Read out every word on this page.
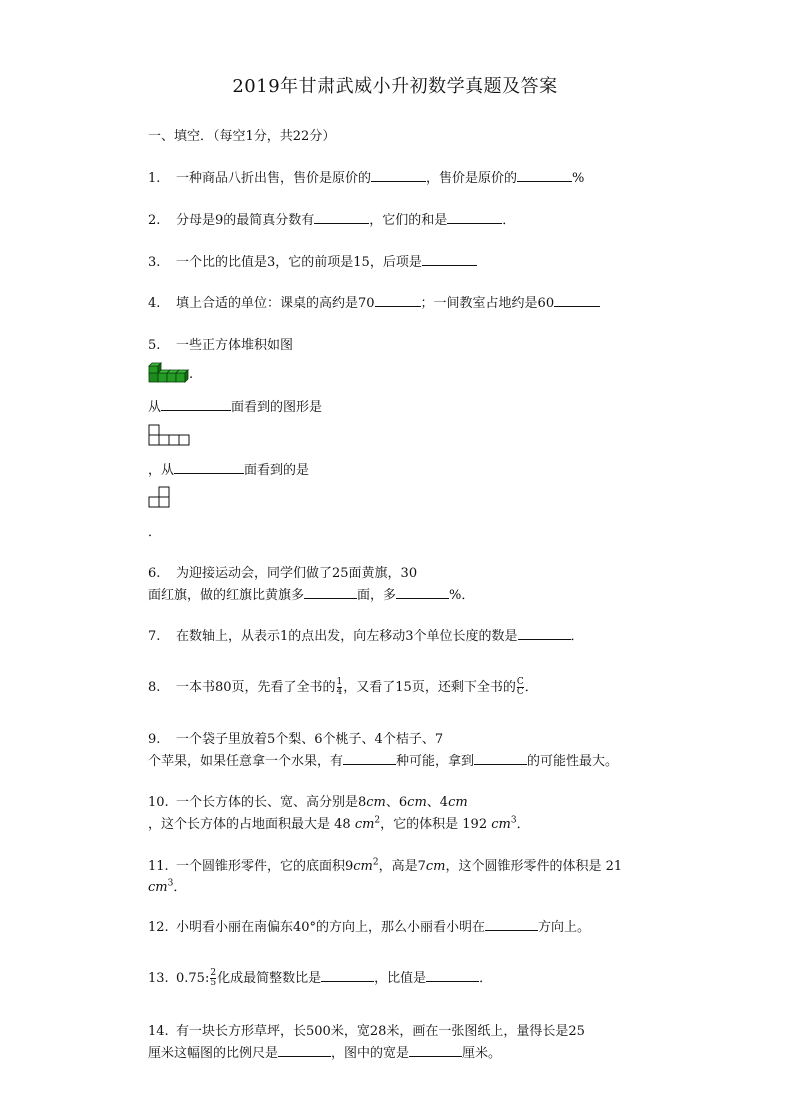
2019年甘肃武威小升初数学真题及答案
一、填空．（每空1分，共22分）
1. 一种商品八折出售，售价是原价的	，售价是原价的	%
2. 分母是9的最简真分数有	，它们的和是	．
3. 一个比的比值是3，它的前项是15，后项是
4. 填上合适的单位：课桌的高约是70	；一间教室占地约是60
5. 一些正方体堆积如图
.
从	面看到的图形是
，从	面看到的是
．
6. 为迎接运动会，同学们做了25面黄旗，30
面红旗，做的红旗比黄旗多	面，多	%．
7. 在数轴上，从表示1的点出发，向左移动3个单位长度的数是	．
8. 一本书80页，先看了全书的 $\frac{1}{4}$ ，又看了15页，还剩下全书的 $\frac{C}{C}$ ．
9. 一个袋子里放着5个梨、6个桃子、4个桔子、7
个苹果，如果任意拿一个水果，有	种可能，拿到	的可能性最大。
10. 一个长方体的长、宽、高分别是8cm、6cm、4cm
，这个长方体的占地面积最大是 48 $cm^2$，它的体积是 192 $cm^3$．
11. 一个圆锥形零件，它的底面积$9cm^2$，高是7cm，这个圆锥形零件的体积是 21
$cm^3$．
12. 小明看小丽在南偏东40°的方向上，那么小丽看小明在	方向上。
13. 0.75: $\frac{2}{5}$ 化成最简整数比是	，比值是	．
14. 有一块长方形草坪，长500米，宽28米，画在一张图纸上，量得长是25
厘米这幅图的比例尺是	，图中的宽是	厘米。
